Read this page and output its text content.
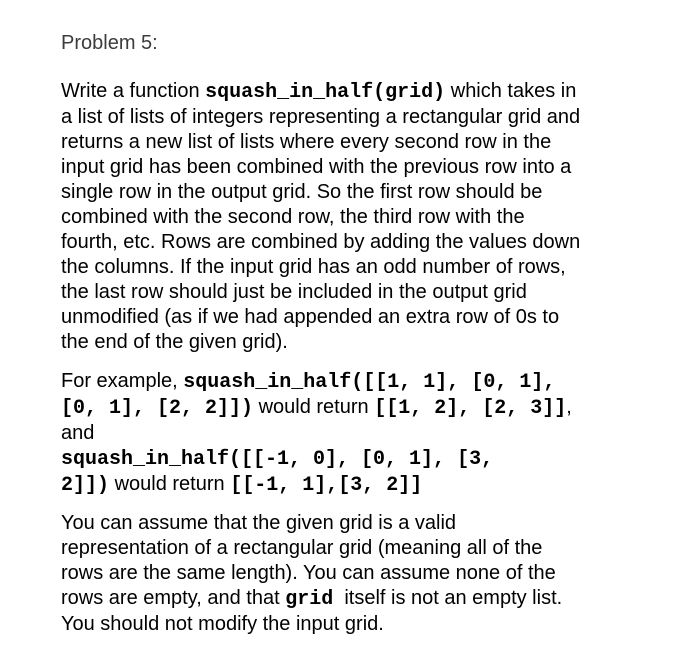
Problem 5:
Write a function squash_in_half(grid) which takes in
a list of lists of integers representing a rectangular grid and
returns a new list of lists where every second row in the
input grid has been combined with the previous row into a
single row in the output grid. So the first row should be
combined with the second row, the third row with the
fourth, etc. Rows are combined by adding the values down
the columns. If the input grid has an odd number of rows,
the last row should just be included in the output grid
unmodified (as if we had appended an extra row of 0s to
the end of the given grid).
For example, squash_in_half([[1, 1], [0, 1],
[0, 1], [2, 2]]) would return [[1, 2], [2, 3]],
and
squash_in_half([[-1, 0], [0, 1], [3,
2]]) would return [[-1, 1],[3, 2]]
You can assume that the given grid is a valid
representation of a rectangular grid (meaning all of the
rows are the same length). You can assume none of the
rows are empty, and that grid  itself is not an empty list.
You should not modify the input grid.
